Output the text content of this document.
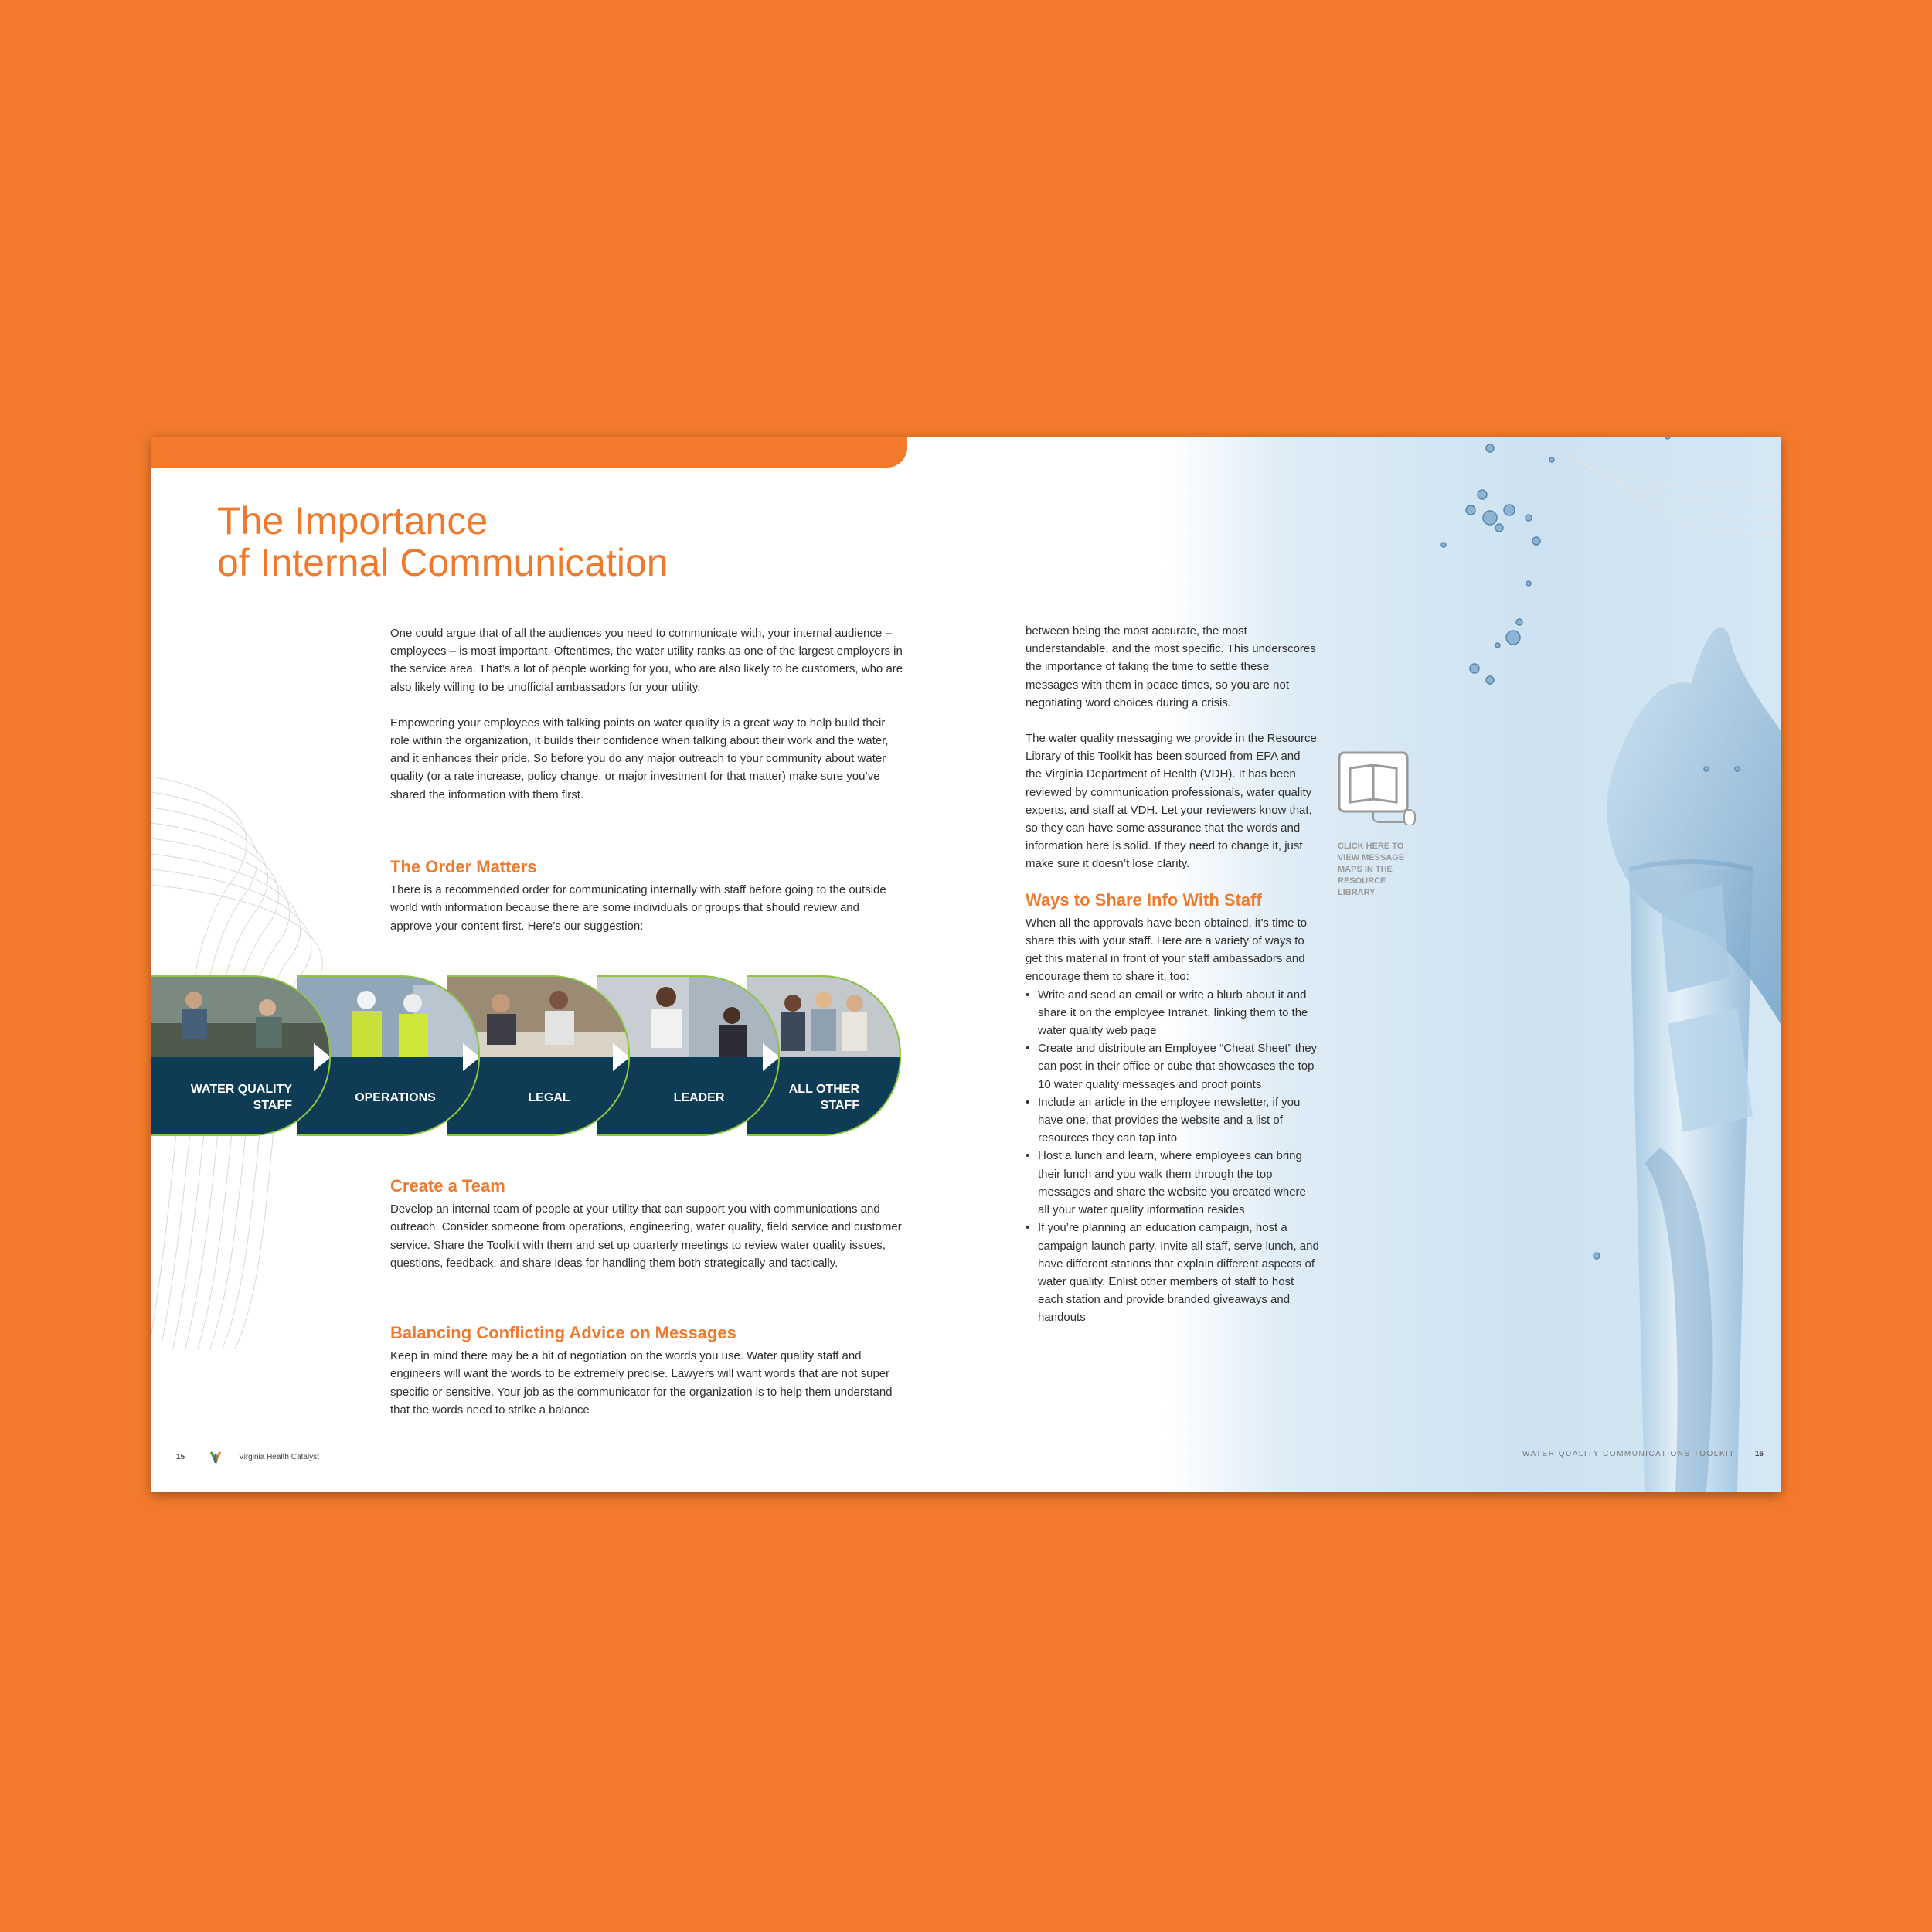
The Importance
of Internal Communication

One could argue that of all the audiences you need to communicate with, your internal audience – employees – is most important. Oftentimes, the water utility ranks as one of the largest employers in the service area. That’s a lot of people working for you, who are also likely to be customers, who are also likely willing to be unofficial ambassadors for your utility.

Empowering your employees with talking points on water quality is a great way to help build their role within the organization, it builds their confidence when talking about their work and the water, and it enhances their pride. So before you do any major outreach to your community about water quality (or a rate increase, policy change, or major investment for that matter) make sure you’ve shared the information with them first.

The Order Matters

There is a recommended order for communicating internally with staff before going to the outside world with information because there are some individuals or groups that should review and approve your content first. Here’s our suggestion:

WATER QUALITY STAFF
OPERATIONS	LEGAL	LEADER
ALL OTHER STAFF
Create a Team

Develop an internal team of people at your utility that can support you with communications and outreach. Consider someone from operations, engineering, water quality, field service and customer service. Share the Toolkit with them and set up quarterly meetings to review water quality issues, questions, feedback, and share ideas for handling them both strategically and tactically.

Balancing Conflicting Advice on Messages

Keep in mind there may be a bit of negotiation on the words you use. Water quality staff and engineers will want the words to be extremely precise. Lawyers will want words that are not super specific or sensitive. Your job as the communicator for the organization is to help them understand that the words need to strike a balance

between being the most accurate, the most understandable, and the most specific. This underscores the importance of taking the time to settle these messages with them in peace times, so you are not negotiating word choices during a crisis.

The water quality messaging we provide in the Resource Library of this Toolkit has been sourced from EPA and the Virginia Department of Health (VDH). It has been reviewed by communication professionals, water quality experts, and staff at VDH. Let your reviewers know that, so they can have some assurance that the words and information here is solid. If they need to change it, just make sure it doesn’t lose clarity.

Ways to Share Info With Staff
When all the approvals have been obtained, it’s time to share this with your staff. Here are a variety of ways to get this material in front of your staff ambassadors and encourage them to share it, too:
• Write and send an email or write a blurb about it and share it on the employee Intranet, linking them to the water quality web page
• Create and distribute an Employee “Cheat Sheet” they can post in their office or cube that showcases the top 10 water quality messages and proof points
• Include an article in the employee newsletter, if you have one, that provides the website and a list of resources they can tap into
• Host a lunch and learn, where employees can bring their lunch and you walk them through the top messages and share the website you created where all your water quality information resides
• If you’re planning an education campaign, host a campaign launch party. Invite all staff, serve lunch, and have different stations that explain different aspects of water quality. Enlist other members of staff to host each station and provide branded giveaways and handouts
CLICK HERE TO VIEW MESSAGE MAPS IN THE RESOURCE LIBRARY
15	Virginia Health Catalyst	WATER QUALITY COMMUNICATIONS TOOLKIT	16
